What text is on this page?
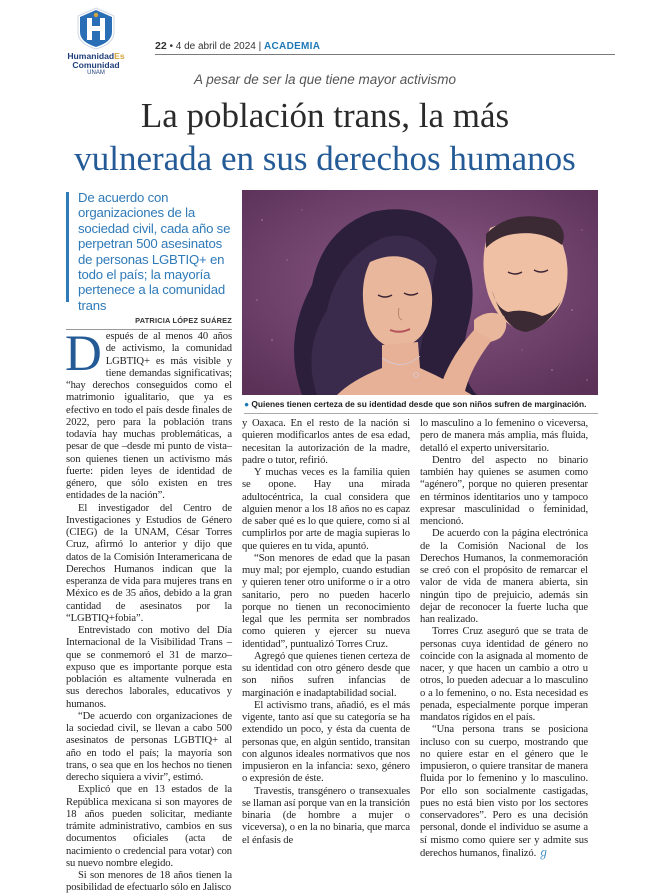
HumanidadEs
Comunidad
UNAM
22 • 4 de abril de 2024 | ACADEMIA
A pesar de ser la que tiene mayor activismo
La población trans, la más
vulnerada en sus derechos humanos
De acuerdo con organizaciones de la sociedad civil, cada año se perpetran 500 asesinatos de personas LGBTIQ+ en todo el país; la mayoría pertenece a la comunidad trans
PATRICIA LÓPEZ SUÁREZ
● Quienes tienen certeza de su identidad desde que son niños sufren de marginación.

Después de al menos 40 años de activismo, la comunidad LGBTIQ+ es más visible y tiene demandas significativas; “hay derechos conseguidos como el matrimonio igualitario, que ya es efectivo en todo el país desde finales de 2022, pero para la población trans todavía hay muchas problemáticas, a pesar de que –desde mi punto de vista– son quienes tienen un activismo más fuerte: piden leyes de identidad de género, que sólo existen en tres entidades de la nación”.

El investigador del Centro de Investigaciones y Estudios de Género (CIEG) de la UNAM, César Torres Cruz, afirmó lo anterior y dijo que datos de la Comisión Interamericana de Derechos Humanos indican que la esperanza de vida para mujeres trans en México es de 35 años, debido a la gran cantidad de asesinatos por la “LGBTIQ+fobia”.

Entrevistado con motivo del Día Internacional de la Visibilidad Trans –que se conmemoró el 31 de marzo– expuso que es importante porque esta población es altamente vulnerada en sus derechos laborales, educativos y humanos.

“De acuerdo con organizaciones de la sociedad civil, se llevan a cabo 500 asesinatos de personas LGBTIQ+ al año en todo el país; la mayoría son trans, o sea que en los hechos no tienen derecho siquiera a vivir”, estimó.

Explicó que en 13 estados de la República mexicana si son mayores de 18 años pueden solicitar, mediante trámite administrativo, cambios en sus documentos oficiales (acta de nacimiento o credencial para votar) con su nuevo nombre elegido.

Si son menores de 18 años tienen la posibilidad de efectuarlo sólo en Jalisco

y Oaxaca. En el resto de la nación si quieren modificarlos antes de esa edad, necesitan la autorización de la madre, padre o tutor, refirió.

Y muchas veces es la familia quien se opone. Hay una mirada adultocéntrica, la cual considera que alguien menor a los 18 años no es capaz de saber qué es lo que quiere, como si al cumplirlos por arte de magia supieras lo que quieres en tu vida, apuntó.

“Son menores de edad que la pasan muy mal; por ejemplo, cuando estudian y quieren tener otro uniforme o ir a otro sanitario, pero no pueden hacerlo porque no tienen un reconocimiento legal que les permita ser nombrados como quieren y ejercer su nueva identidad”, puntualizó Torres Cruz.

Agregó que quienes tienen certeza de su identidad con otro género desde que son niños sufren infancias de marginación e inadaptabilidad social.

El activismo trans, añadió, es el más vigente, tanto así que su categoría se ha extendido un poco, y ésta da cuenta de personas que, en algún sentido, transitan con algunos ideales normativos que nos impusieron en la infancia: sexo, género o expresión de éste.

Travestis, transgénero o transexuales se llaman así porque van en la transición binaria (de hombre a mujer o viceversa), o en la no binaria, que marca el énfasis de

lo masculino a lo femenino o viceversa, pero de manera más amplia, más fluida, detalló el experto universitario.

Dentro del aspecto no binario también hay quienes se asumen como “agénero”, porque no quieren presentar en términos identitarios uno y tampoco expresar masculinidad o feminidad, mencionó.

De acuerdo con la página electrónica de la Comisión Nacional de los Derechos Humanos, la conmemoración se creó con el propósito de remarcar el valor de vida de manera abierta, sin ningún tipo de prejuicio, además sin dejar de reconocer la fuerte lucha que han realizado.

Torres Cruz aseguró que se trata de personas cuya identidad de género no coincide con la asignada al momento de nacer, y que hacen un cambio a otro u otros, lo pueden adecuar a lo masculino o a lo femenino, o no. Esta necesidad es penada, especialmente porque imperan mandatos rígidos en el país.

“Una persona trans se posiciona incluso con su cuerpo, mostrando que no quiere estar en el género que le impusieron, o quiere transitar de manera fluida por lo femenino y lo masculino. Por ello son socialmente castigadas, pues no está bien visto por los sectores conservadores”. Pero es una decisión personal, donde el individuo se asume a sí mismo como quiere ser y admite sus derechos humanos, finalizó. ℊ
